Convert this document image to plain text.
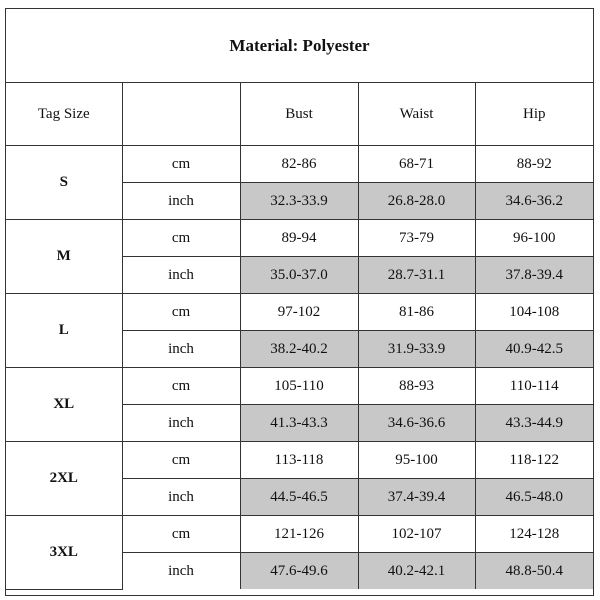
Material: Polyester
Tag Size		Bust	Waist	Hip
S	cm	82-86	68-71	88-92
	inch	32.3-33.9	26.8-28.0	34.6-36.2
M	cm	89-94	73-79	96-100
	inch	35.0-37.0	28.7-31.1	37.8-39.4
L	cm	97-102	81-86	104-108
	inch	38.2-40.2	31.9-33.9	40.9-42.5
XL	cm	105-110	88-93	110-114
	inch	41.3-43.3	34.6-36.6	43.3-44.9
2XL	cm	113-118	95-100	118-122
	inch	44.5-46.5	37.4-39.4	46.5-48.0
3XL	cm	121-126	102-107	124-128
	inch	47.6-49.6	40.2-42.1	48.8-50.4
